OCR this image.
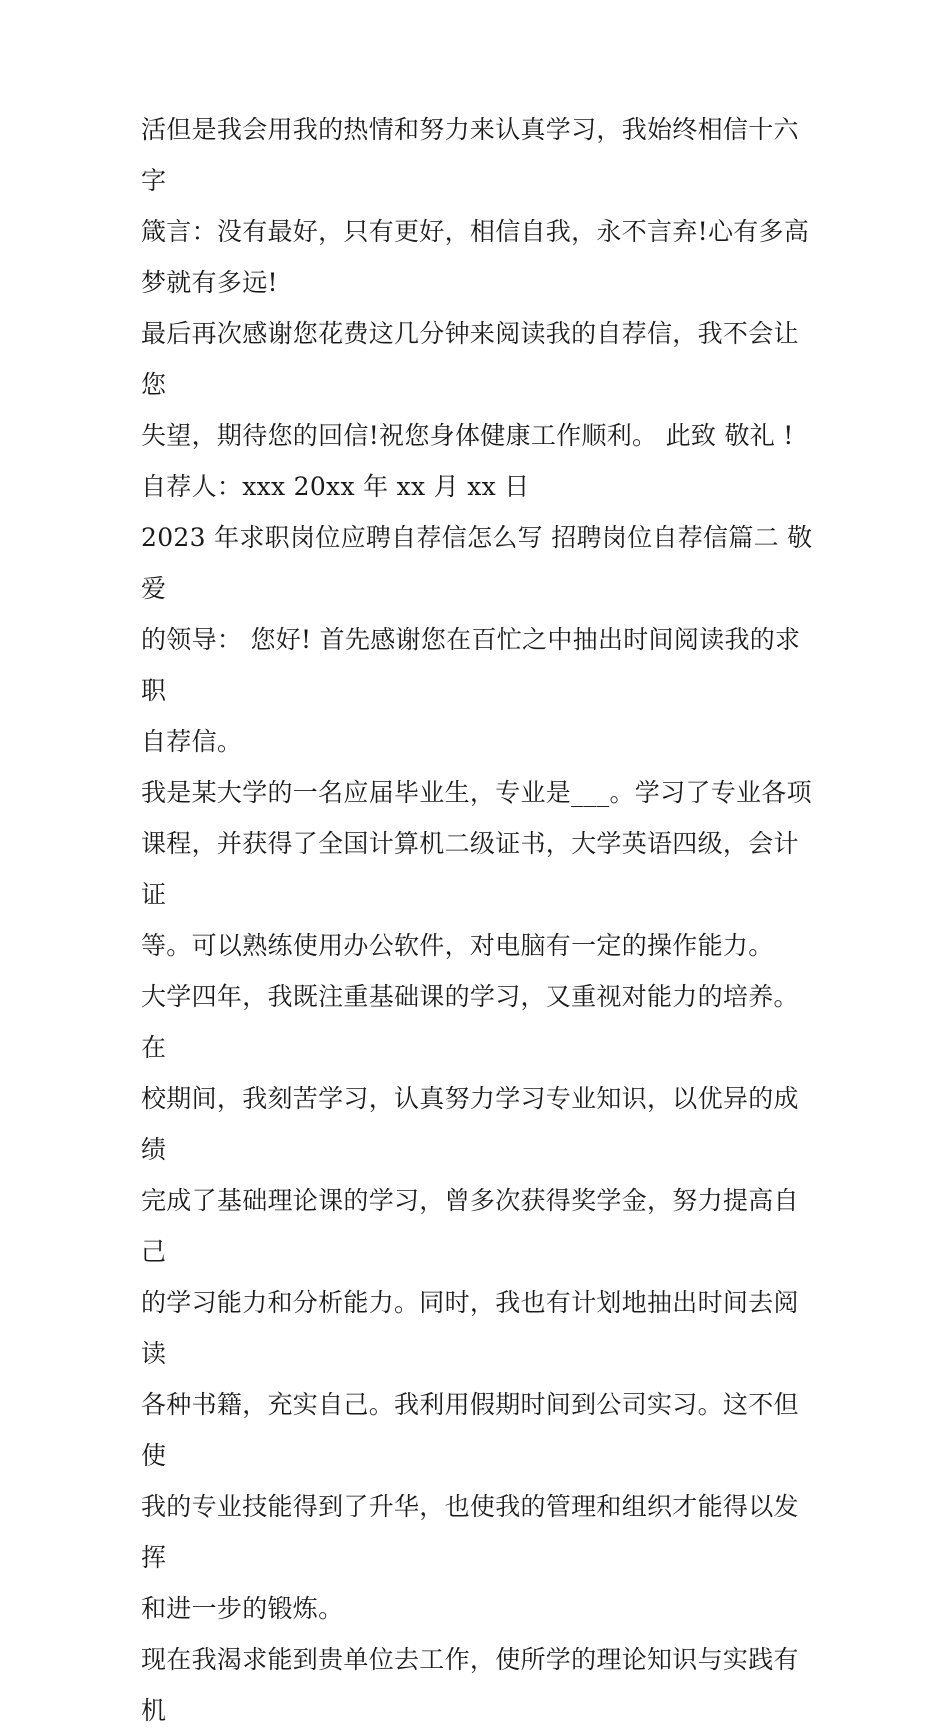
活但是我会用我的热情和努力来认真学习，我始终相信十六字
箴言：没有最好，只有更好，相信自我，永不言弃!心有多高
梦就有多远!

最后再次感谢您花费这几分钟来阅读我的自荐信，我不会让您
失望，期待您的回信!祝您身体健康工作顺利。 此致 敬礼 !

自荐人：xxx 20xx 年 xx 月 xx 日

2023 年求职岗位应聘自荐信怎么写 招聘岗位自荐信篇二 敬爱
的领导： 您好! 首先感谢您在百忙之中抽出时间阅读我的求职
自荐信。

我是某大学的一名应届毕业生，专业是___。学习了专业各项
课程，并获得了全国计算机二级证书，大学英语四级，会计证
等。可以熟练使用办公软件，对电脑有一定的操作能力。

大学四年，我既注重基础课的学习，又重视对能力的培养。在
校期间，我刻苦学习，认真努力学习专业知识，以优异的成绩
完成了基础理论课的学习，曾多次获得奖学金，努力提高自己
的学习能力和分析能力。同时，我也有计划地抽出时间去阅读
各种书籍，充实自己。我利用假期时间到公司实习。这不但使
我的专业技能得到了升华，也使我的管理和组织才能得以发挥
和进一步的锻炼。

现在我渴求能到贵单位去工作，使所学的理论知识与实践有机
